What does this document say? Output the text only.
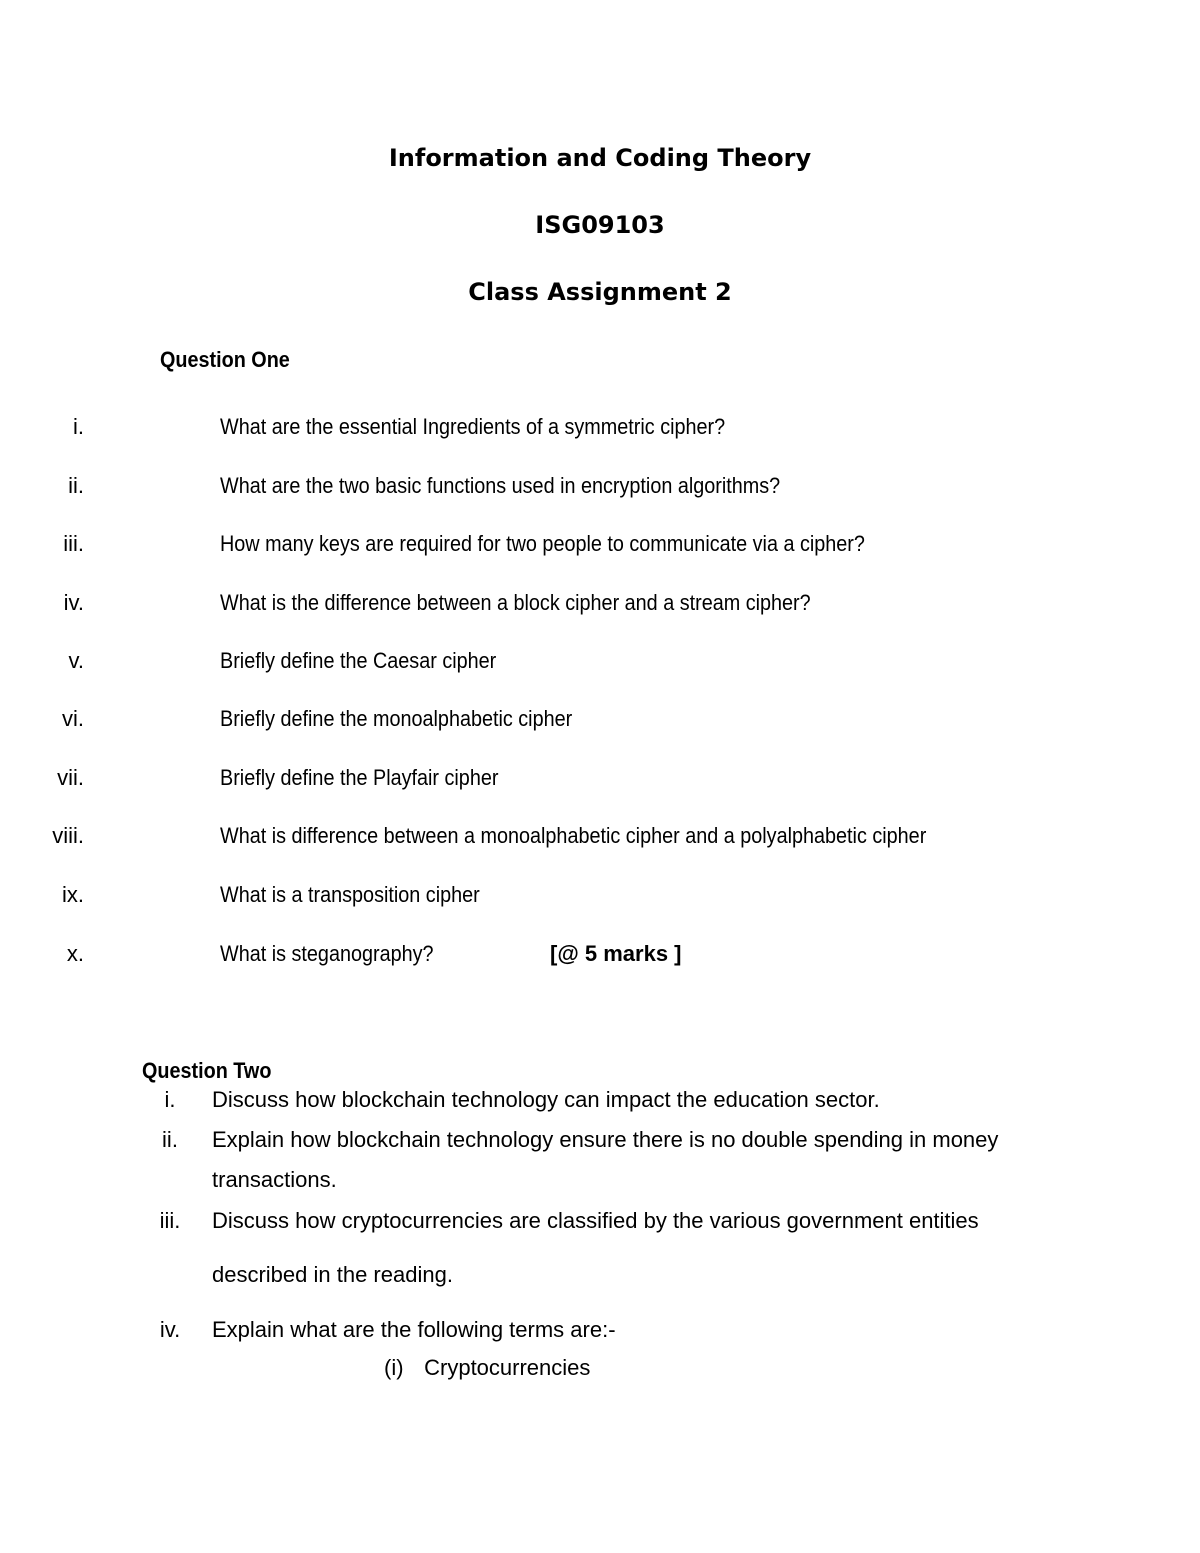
Information and Coding Theory
ISG09103
Class Assignment 2
Question One
i.	What are the essential Ingredients of a symmetric cipher?
ii.	What are the two basic functions used in encryption algorithms?
iii.	How many keys are required for two people to communicate via a cipher?
iv.	What is the difference between a block cipher and a stream cipher?
v.	Briefly define the Caesar cipher
vi.	Briefly define the monoalphabetic cipher
vii.	Briefly define the Playfair cipher
viii.	What is difference between a monoalphabetic cipher and a polyalphabetic cipher
ix.	What is a transposition cipher
x.	What is steganography?	[@ 5 marks ]
Question Two
i.	Discuss how blockchain technology can impact the education sector.
ii.	Explain how blockchain technology ensure there is no double spending in money transactions.
iii.	Discuss how cryptocurrencies are classified by the various government entities described in the reading.
iv.	Explain what are the following terms are:-
(i) Cryptocurrencies
